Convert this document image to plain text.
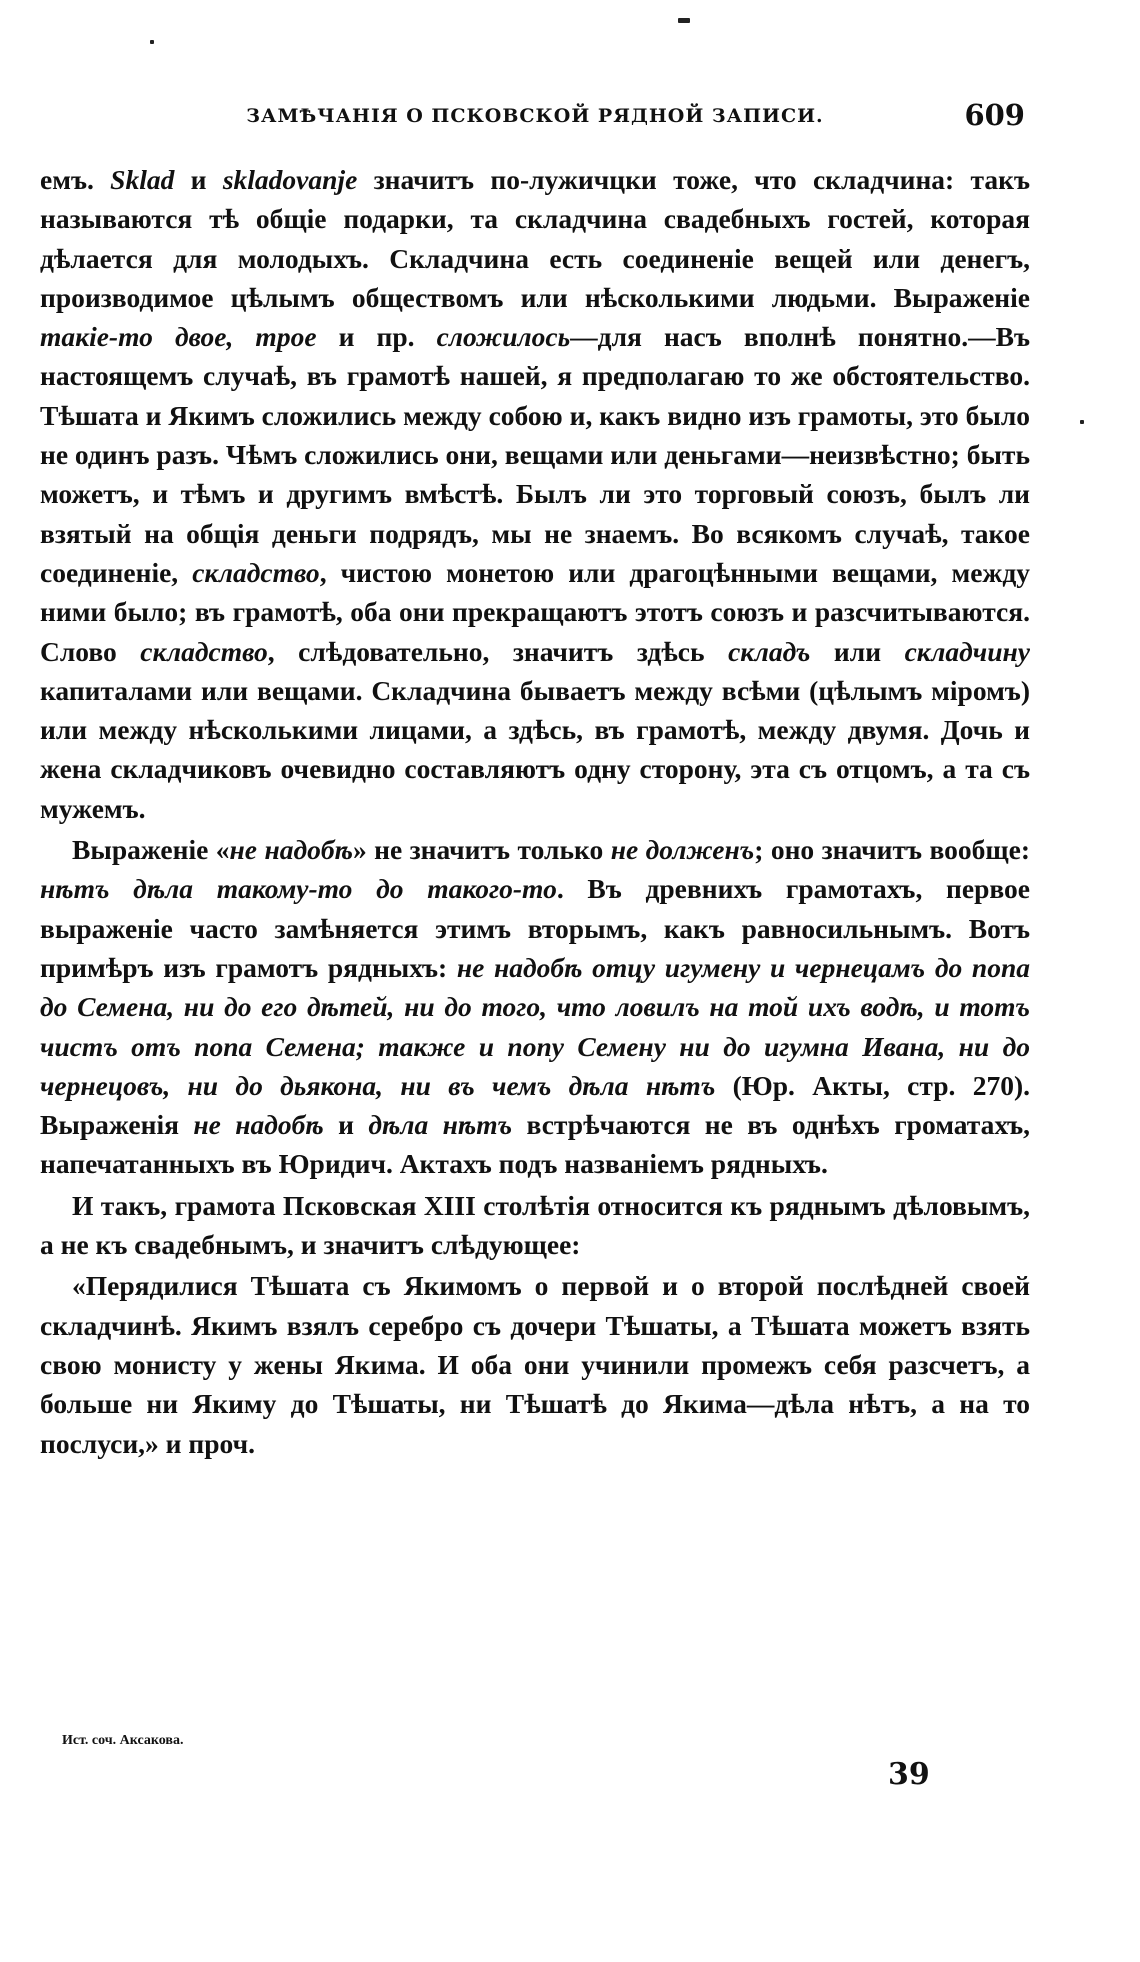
ЗАМѢЧАНІЯ О ПСКОВСКОЙ РЯДНОЙ ЗАПИСИ.	609

емъ. Sklad и skladovanje значитъ по-лужичцки тоже, что складчина: такъ называются тѣ общіе подарки, та складчина свадебныхъ гостей, которая дѣлается для молодыхъ. Складчина есть соединеніе вещей или денегъ, производимое цѣлымъ обществомъ или нѣсколькими людьми. Выраженіе такіе-то двое, трое и пр. сложилось—для насъ вполнѣ понятно.—Въ настоящемъ случаѣ, въ грамотѣ нашей, я предполагаю то же обстоятельство. Тѣшата и Якимъ сложились между собою и, какъ видно изъ грамоты, это было не одинъ разъ. Чѣмъ сложились они, вещами или деньгами—неизвѣстно; быть можетъ, и тѣмъ и другимъ вмѣстѣ. Былъ ли это торговый союзъ, былъ ли взятый на общія деньги подрядъ, мы не знаемъ. Во всякомъ случаѣ, такое соединеніе, складство, чистою монетою или драгоцѣнными вещами, между ними было; въ грамотѣ, оба они прекращаютъ этотъ союзъ и разсчитываются. Слово складство, слѣдовательно, значитъ здѣсь складъ или складчину капиталами или вещами. Складчина бываетъ между всѣми (цѣлымъ міромъ) или между нѣсколькими лицами, а здѣсь, въ грамотѣ, между двумя. Дочь и жена складчиковъ очевидно составляютъ одну сторону, эта съ отцомъ, а та съ мужемъ.

Выраженіе «не надобѣ» не значитъ только не долженъ; оно значитъ вообще: нѣтъ дѣла такому-то до такого-то. Въ древнихъ грамотахъ, первое выраженіе часто замѣняется этимъ вторымъ, какъ равносильнымъ. Вотъ примѣръ изъ грамотъ рядныхъ: не надобѣ отцу игумену и чернецамъ до попа до Семена, ни до его дѣтей, ни до того, что ловилъ на той ихъ водѣ, и тотъ чистъ отъ попа Семена; также и попу Семену ни до игумна Ивана, ни до чернецовъ, ни до дьякона, ни въ чемъ дѣла нѣтъ (Юр. Акты, стр. 270). Выраженія не надобѣ и дѣла нѣтъ встрѣчаются не въ однѣхъ громатахъ, напечатанныхъ въ Юридич. Актахъ подъ названіемъ рядныхъ.

И такъ, грамота Псковская XIII столѣтія относится къ ряднымъ дѣловымъ, а не къ свадебнымъ, и значитъ слѣдующее:

«Перядилися Тѣшата съ Якимомъ о первой и о второй послѣдней своей складчинѣ. Якимъ взялъ серебро съ дочери Тѣшаты, а Тѣшата можетъ взять свою монисту у жены Якима. И оба они учинили промежъ себя разсчетъ, а больше ни Якиму до Тѣшаты, ни Тѣшатѣ до Якима—дѣла нѣтъ, а на то послуси,» и проч.

Ист. соч. Аксакова.
39
